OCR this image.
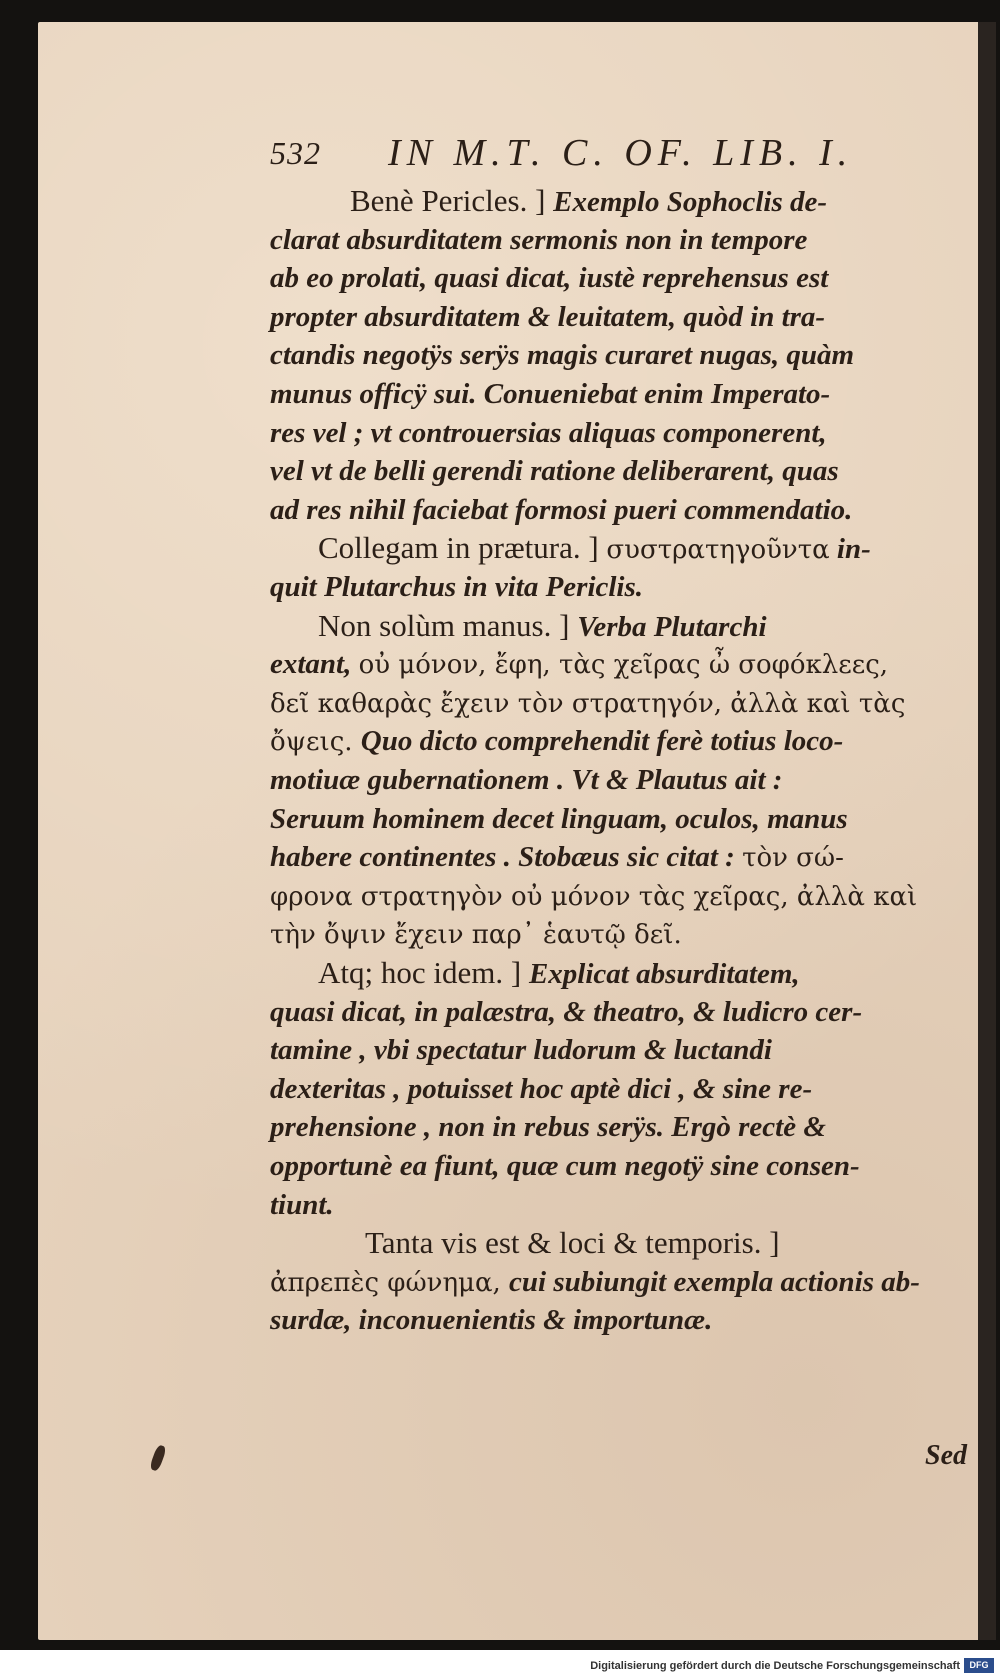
532 IN M.T. C. OF. LIB. I.
Benè Pericles. ] Exemplo Sophoclis de-
clarat absurditatem sermonis non in tempore
ab eo prolati, quasi dicat, iustè reprehensus est
propter absurditatem & leuitatem, quòd in tra-
ctandis negotÿs serÿs magis curaret nugas, quàm
munus officÿ sui. Conueniebat enim Imperato-
res vel ; vt controuersias aliquas componerent,
vel vt de belli gerendi ratione deliberarent, quas
ad res nihil faciebat formosi pueri commendatio.
Collegam in prætura. ] συστρατηγοῦντα in-
quit Plutarchus in vita Periclis.
Non solùm manus. ] Verba Plutarchi
extant, οὐ μόνον, ἔφη, τὰς χεῖρας ὦ σοφόκλεες,
δεῖ καθαρὰς ἔχειν τὸν στρατηγόν, ἀλλὰ καὶ τὰς
ὄψεις. Quo dicto comprehendit ferè totius loco-
motiuæ gubernationem . Vt & Plautus ait :
Seruum hominem decet linguam, oculos, manus
habere continentes . Stobæus sic citat : τὸν σώ-
φρονα στρατηγὸν οὐ μόνον τὰς χεῖρας, ἀλλὰ καὶ
τὴν ὄψιν ἔχειν παρ᾽ ἑαυτῷ δεῖ.
Atq; hoc idem. ] Explicat absurditatem,
quasi dicat, in palæstra, & theatro, & ludicro cer-
tamine , vbi spectatur ludorum & luctandi
dexteritas , potuisset hoc aptè dici , & sine re-
prehensione , non in rebus serÿs. Ergò rectè &
opportunè ea fiunt, quæ cum negotÿ sine consen-
tiunt.
Tanta vis est & loci & temporis. ]
ἀπρεπὲς φώνημα, cui subiungit exempla actionis ab-
surdæ, inconuenientis & importunæ.
Sed
Digitalisierung gefördert durch die Deutsche Forschungsgemeinschaft	DFG
